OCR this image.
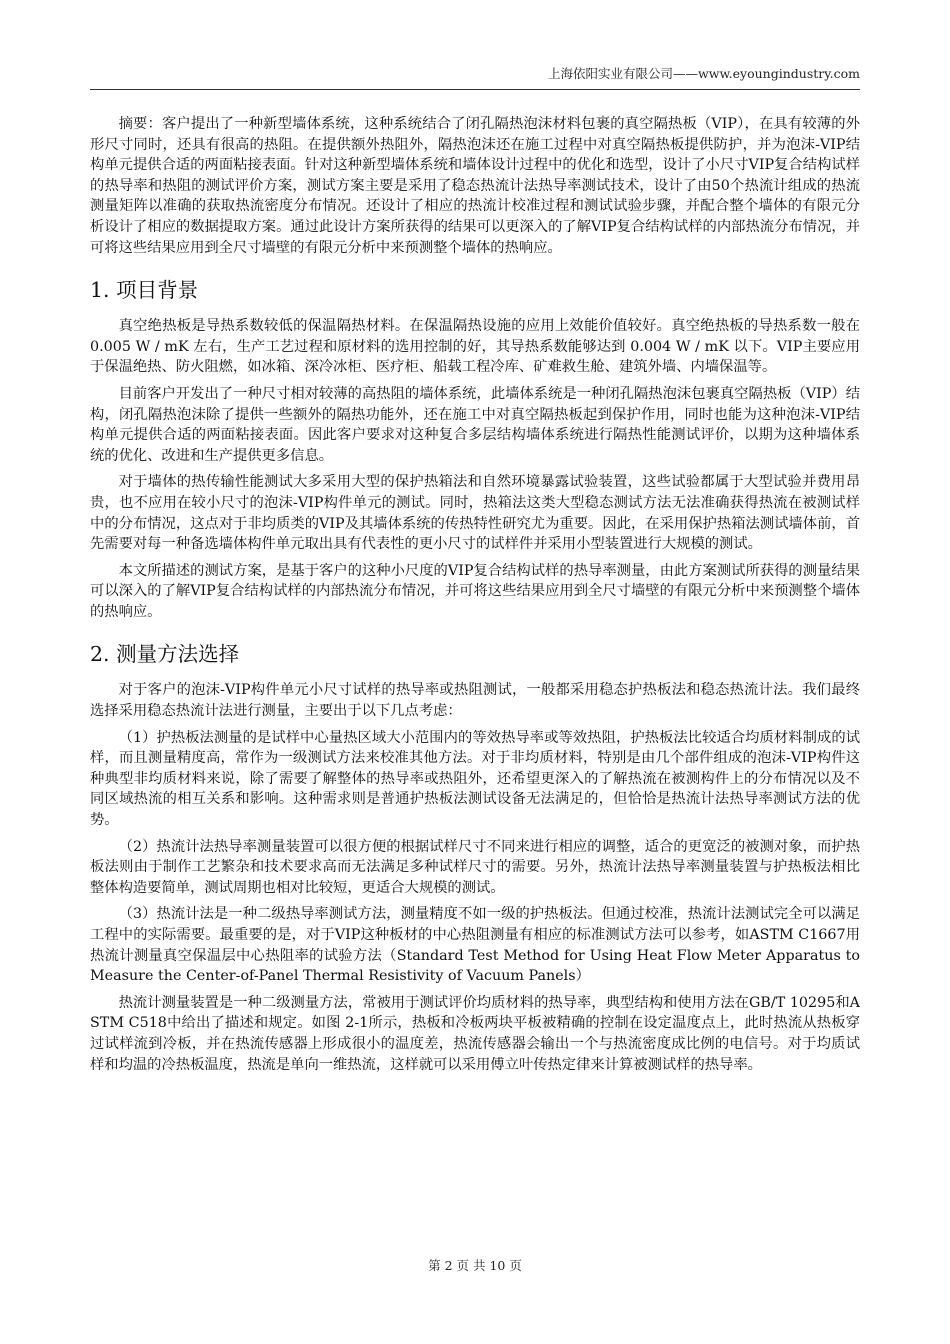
上海依阳实业有限公司——www.eyoungindustry.com

摘要：客户提出了一种新型墙体系统，这种系统结合了闭孔隔热泡沫材料包裹的真空隔热板（VIP），在具有较薄的外形尺寸同时，还具有很高的热阻。在提供额外热阻外，隔热泡沫还在施工过程中对真空隔热板提供防护，并为泡沫-VIP结构单元提供合适的两面粘接表面。针对这种新型墙体系统和墙体设计过程中的优化和选型，设计了小尺寸VIP复合结构试样的热导率和热阻的测试评价方案，测试方案主要是采用了稳态热流计法热导率测试技术，设计了由50个热流计组成的热流测量矩阵以准确的获取热流密度分布情况。还设计了相应的热流计校准过程和测试试验步骤，并配合整个墙体的有限元分析设计了相应的数据提取方案。通过此设计方案所获得的结果可以更深入的了解VIP复合结构试样的内部热流分布情况，并可将这些结果应用到全尺寸墙壁的有限元分析中来预测整个墙体的热响应。

1. 项目背景

真空绝热板是导热系数较低的保温隔热材料。在保温隔热设施的应用上效能价值较好。真空绝热板的导热系数一般在 0.005 W / mK 左右，生产工艺过程和原材料的选用控制的好，其导热系数能够达到 0.004 W / mK 以下。VIP主要应用于保温绝热、防火阻燃，如冰箱、深冷冰柜、医疗柜、船载工程冷库、矿难救生舱、建筑外墙、内墙保温等。

目前客户开发出了一种尺寸相对较薄的高热阻的墙体系统，此墙体系统是一种闭孔隔热泡沫包裹真空隔热板（VIP）结构，闭孔隔热泡沫除了提供一些额外的隔热功能外，还在施工中对真空隔热板起到保护作用，同时也能为这种泡沫-VIP结构单元提供合适的两面粘接表面。因此客户要求对这种复合多层结构墙体系统进行隔热性能测试评价，以期为这种墙体系统的优化、改进和生产提供更多信息。

对于墙体的热传输性能测试大多采用大型的保护热箱法和自然环境暴露试验装置，这些试验都属于大型试验并费用昂贵，也不应用在较小尺寸的泡沫-VIP构件单元的测试。同时，热箱法这类大型稳态测试方法无法准确获得热流在被测试样中的分布情况，这点对于非均质类的VIP及其墙体系统的传热特性研究尤为重要。因此，在采用保护热箱法测试墙体前，首先需要对每一种备选墙体构件单元取出具有代表性的更小尺寸的试样件并采用小型装置进行大规模的测试。

本文所描述的测试方案，是基于客户的这种小尺度的VIP复合结构试样的热导率测量，由此方案测试所获得的测量结果可以深入的了解VIP复合结构试样的内部热流分布情况，并可将这些结果应用到全尺寸墙壁的有限元分析中来预测整个墙体的热响应。

2. 测量方法选择

对于客户的泡沫-VIP构件单元小尺寸试样的热导率或热阻测试，一般都采用稳态护热板法和稳态热流计法。我们最终选择采用稳态热流计法进行测量，主要出于以下几点考虑：

（1）护热板法测量的是试样中心量热区域大小范围内的等效热导率或等效热阻，护热板法比较适合均质材料制成的试样，而且测量精度高，常作为一级测试方法来校准其他方法。对于非均质材料，特别是由几个部件组成的泡沫-VIP构件这种典型非均质材料来说，除了需要了解整体的热导率或热阻外，还希望更深入的了解热流在被测构件上的分布情况以及不同区域热流的相互关系和影响。这种需求则是普通护热板法测试设备无法满足的，但恰恰是热流计法热导率测试方法的优势。

（2）热流计法热导率测量装置可以很方便的根据试样尺寸不同来进行相应的调整，适合的更宽泛的被测对象，而护热板法则由于制作工艺繁杂和技术要求高而无法满足多种试样尺寸的需要。另外，热流计法热导率测量装置与护热板法相比整体构造要简单，测试周期也相对比较短，更适合大规模的测试。

（3）热流计法是一种二级热导率测试方法，测量精度不如一级的护热板法。但通过校准，热流计法测试完全可以满足工程中的实际需要。最重要的是，对于VIP这种板材的中心热阻测量有相应的标准测试方法可以参考，如ASTM C1667用热流计测量真空保温层中心热阻率的试验方法（Standard Test Method for Using Heat Flow Meter Apparatus to Measure the Center-of-Panel Thermal Resistivity of Vacuum Panels）

热流计测量装置是一种二级测量方法，常被用于测试评价均质材料的热导率，典型结构和使用方法在GB/T 10295和ASTM C518中给出了描述和规定。如图 2-1所示，热板和冷板两块平板被精确的控制在设定温度点上，此时热流从热板穿过试样流到冷板，并在热流传感器上形成很小的温度差，热流传感器会输出一个与热流密度成比例的电信号。对于均质试样和均温的冷热板温度，热流是单向一维热流，这样就可以采用傅立叶传热定律来计算被测试样的热导率。

第 2 页 共 10 页
